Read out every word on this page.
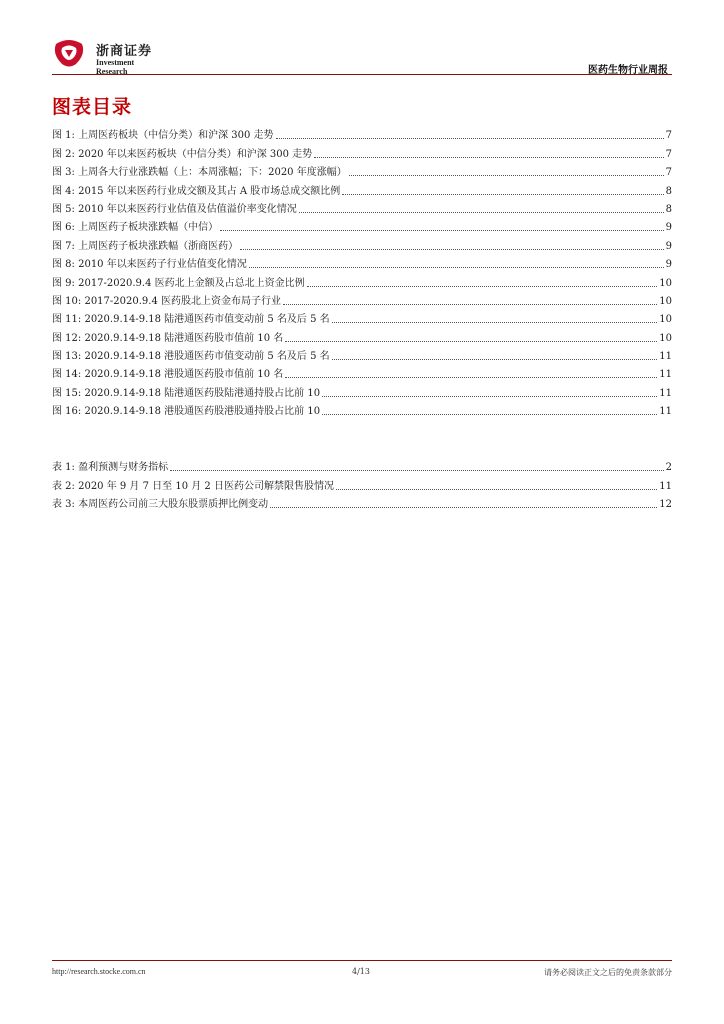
浙商证券
Investment Research	医药生物行业周报
图表目录
图 1: 上周医药板块（中信分类）和沪深 300 走势	7
图 2: 2020 年以来医药板块（中信分类）和沪深 300 走势	7
图 3: 上周各大行业涨跌幅（上：本周涨幅；下：2020 年度涨幅）	7
图 4: 2015 年以来医药行业成交额及其占 A 股市场总成交额比例	8
图 5: 2010 年以来医药行业估值及估值溢价率变化情况	8
图 6: 上周医药子板块涨跌幅（中信）	9
图 7: 上周医药子板块涨跌幅（浙商医药）	9
图 8: 2010 年以来医药子行业估值变化情况	9
图 9: 2017-2020.9.4 医药北上金额及占总北上资金比例	10
图 10: 2017-2020.9.4 医药股北上资金布局子行业	10
图 11: 2020.9.14-9.18 陆港通医药市值变动前 5 名及后 5 名	10
图 12: 2020.9.14-9.18 陆港通医药股市值前 10 名	10
图 13: 2020.9.14-9.18 港股通医药市值变动前 5 名及后 5 名	11
图 14: 2020.9.14-9.18 港股通医药股市值前 10 名	11
图 15: 2020.9.14-9.18 陆港通医药股陆港通持股占比前 10	11
图 16: 2020.9.14-9.18 港股通医药股港股通持股占比前 10	11
表 1: 盈利预测与财务指标	2
表 2: 2020 年 9 月 7 日至 10 月 2 日医药公司解禁限售股情况	11
表 3: 本周医药公司前三大股东股票质押比例变动	12
http://research.stocke.com.cn	4/13	请务必阅读正文之后的免责条款部分
